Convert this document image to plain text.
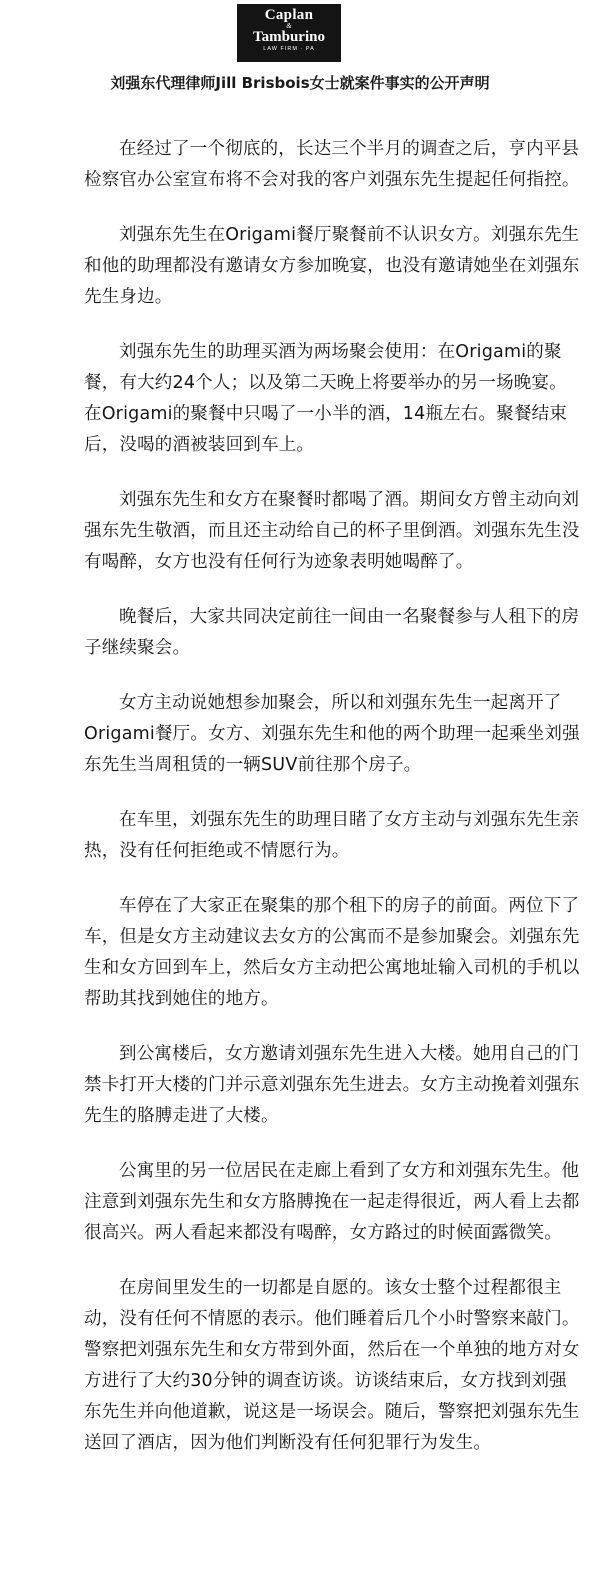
Caplan
&
Tamburino
LAW FIRM · PA
刘强东代理律师Jill Brisbois女士就案件事实的公开声明

在经过了一个彻底的，长达三个半月的调查之后，亨内平县检察官办公室宣布将不会对我的客户刘强东先生提起任何指控。

刘强东先生在Origami餐厅聚餐前不认识女方。刘强东先生和他的助理都没有邀请女方参加晚宴，也没有邀请她坐在刘强东先生身边。

刘强东先生的助理买酒为两场聚会使用：在Origami的聚餐，有大约24个人；以及第二天晚上将要举办的另一场晚宴。在Origami的聚餐中只喝了一小半的酒，14瓶左右。聚餐结束后，没喝的酒被装回到车上。

刘强东先生和女方在聚餐时都喝了酒。期间女方曾主动向刘强东先生敬酒，而且还主动给自己的杯子里倒酒。刘强东先生没有喝醉，女方也没有任何行为迹象表明她喝醉了。

晚餐后，大家共同决定前往一间由一名聚餐参与人租下的房子继续聚会。

女方主动说她想参加聚会，所以和刘强东先生一起离开了Origami餐厅。女方、刘强东先生和他的两个助理一起乘坐刘强东先生当周租赁的一辆SUV前往那个房子。

在车里，刘强东先生的助理目睹了女方主动与刘强东先生亲热，没有任何拒绝或不情愿行为。

车停在了大家正在聚集的那个租下的房子的前面。两位下了车，但是女方主动建议去女方的公寓而不是参加聚会。刘强东先生和女方回到车上，然后女方主动把公寓地址输入司机的手机以帮助其找到她住的地方。

到公寓楼后，女方邀请刘强东先生进入大楼。她用自己的门禁卡打开大楼的门并示意刘强东先生进去。女方主动挽着刘强东先生的胳膊走进了大楼。

公寓里的另一位居民在走廊上看到了女方和刘强东先生。他注意到刘强东先生和女方胳膊挽在一起走得很近，两人看上去都很高兴。两人看起来都没有喝醉，女方路过的时候面露微笑。

在房间里发生的一切都是自愿的。该女士整个过程都很主动，没有任何不情愿的表示。他们睡着后几个小时警察来敲门。警察把刘强东先生和女方带到外面，然后在一个单独的地方对女方进行了大约30分钟的调查访谈。访谈结束后，女方找到刘强东先生并向他道歉，说这是一场误会。随后，警察把刘强东先生送回了酒店，因为他们判断没有任何犯罪行为发生。
